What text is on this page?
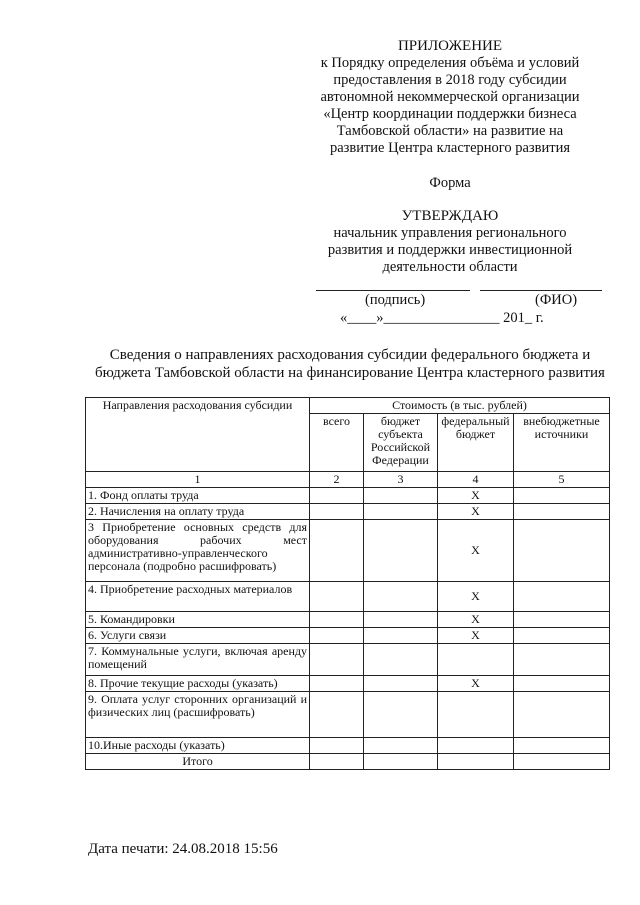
ПРИЛОЖЕНИЕ
к Порядку определения объёма и условий
предоставления в 2018 году субсидии
автономной некоммерческой организации
«Центр координации поддержки бизнеса
Тамбовской области» на развитие на
развитие Центра кластерного развития
Форма
УТВЕРЖДАЮ
начальник управления регионального
развития и поддержки инвестиционной
деятельности области
(подпись)	(ФИО)
«____»________________ 201_ г.
Сведения о направлениях расходования субсидии федерального бюджета и
бюджета Тамбовской области на финансирование Центра кластерного развития
Направления расходования субсидии	Стоимость (в тыс. рублей)			
	всего	бюджет субъекта Российской Федерации	федеральный бюджет	внебюджетные источники
1	2	3	4	5
1. Фонд оплаты труда			X	
2. Начисления на оплату труда			X	
3 Приобретение основных средств для оборудования рабочих мест административно-управленческого персонала (подробно расшифровать)			X	
4. Приобретение расходных материалов			X	
5. Командировки			X	
6. Услуги связи			X	
7. Коммунальные услуги, включая аренду помещений				
8. Прочие текущие расходы (указать)			X	
9. Оплата услуг сторонних организаций и физических лиц (расшифровать)				
10.Иные расходы (указать)				
Итого				
Дата печати: 24.08.2018 15:56
